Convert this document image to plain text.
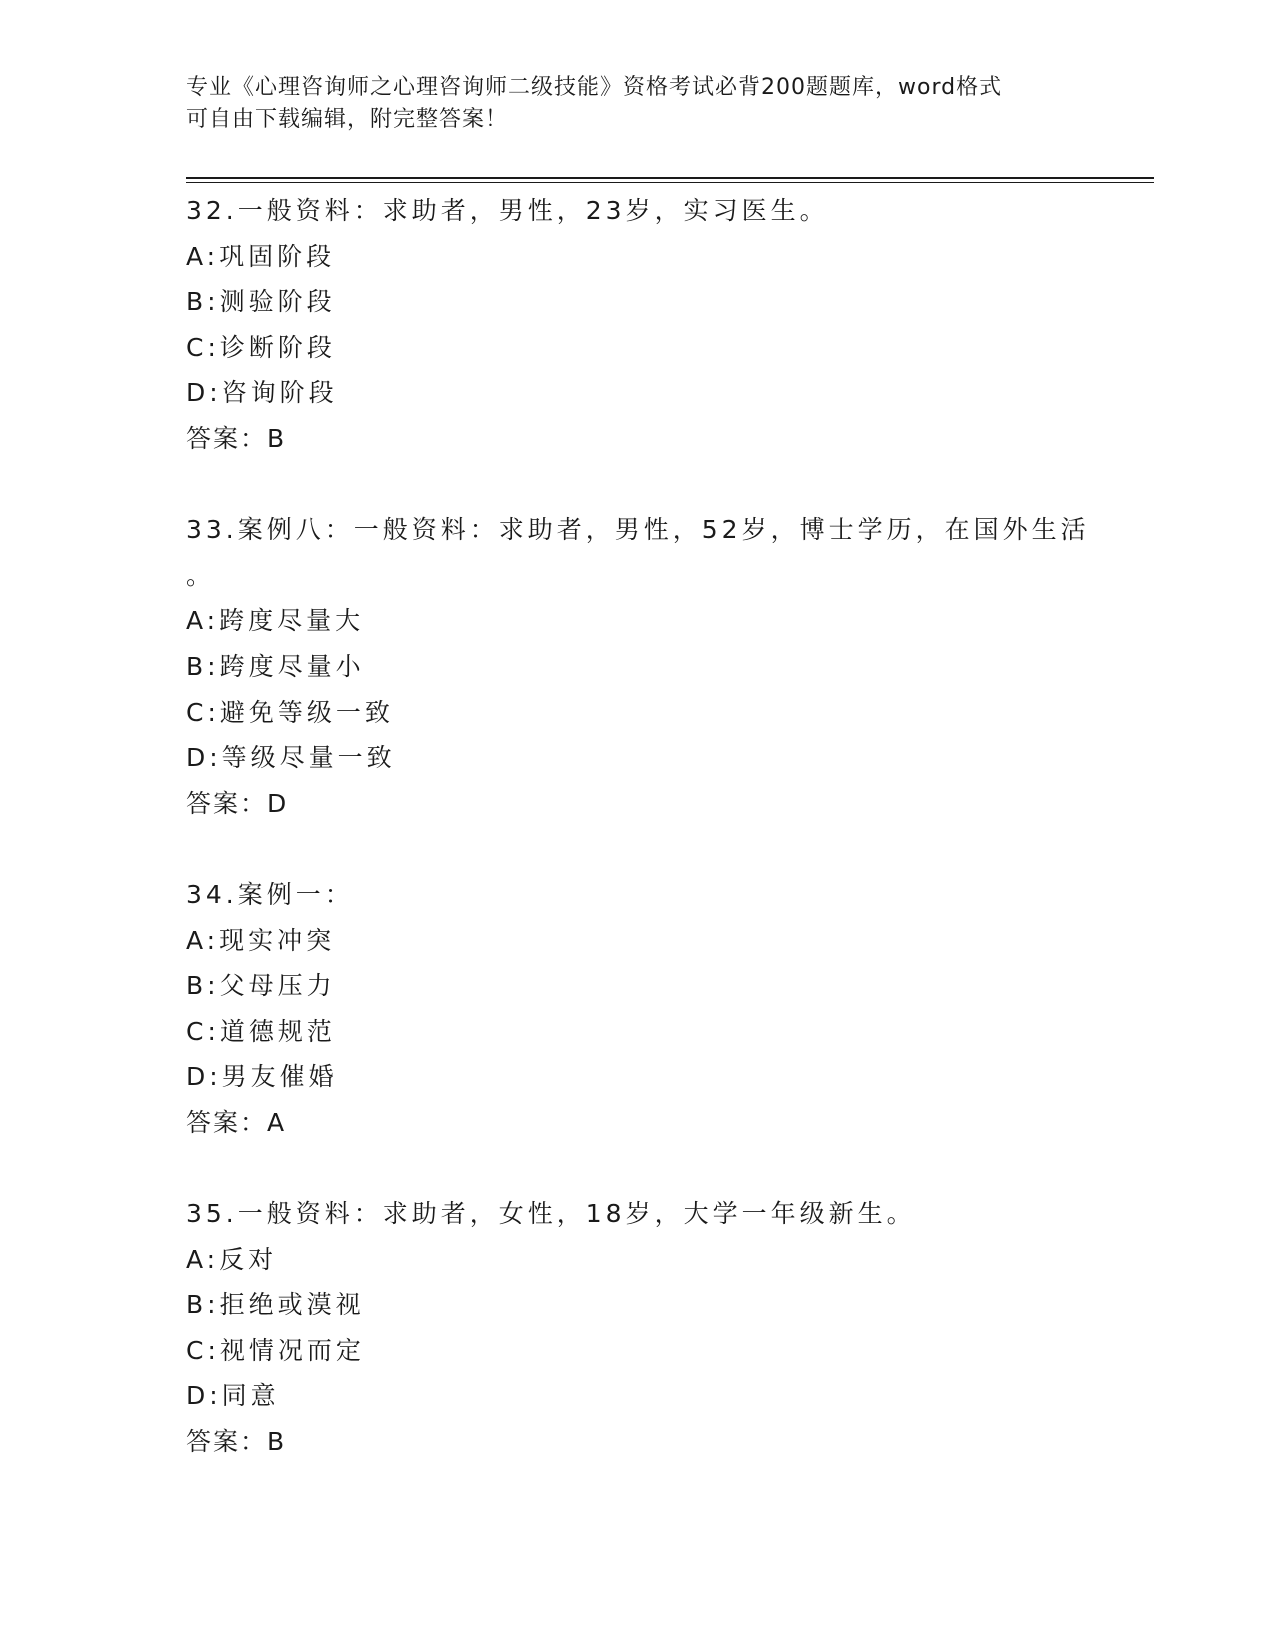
专业《心理咨询师之心理咨询师二级技能》资格考试必背200题题库，word格式
可自由下载编辑，附完整答案！
32.一般资料：求助者，男性，23岁，实习医生。
A:巩固阶段
B:测验阶段
C:诊断阶段
D:咨询阶段
答案：B
33.案例八：一般资料：求助者，男性，52岁，博士学历，在国外生活
。
A:跨度尽量大
B:跨度尽量小
C:避免等级一致
D:等级尽量一致
答案：D
34.案例一：
A:现实冲突
B:父母压力
C:道德规范
D:男友催婚
答案：A
35.一般资料：求助者，女性，18岁，大学一年级新生。
A:反对
B:拒绝或漠视
C:视情况而定
D:同意
答案：B
